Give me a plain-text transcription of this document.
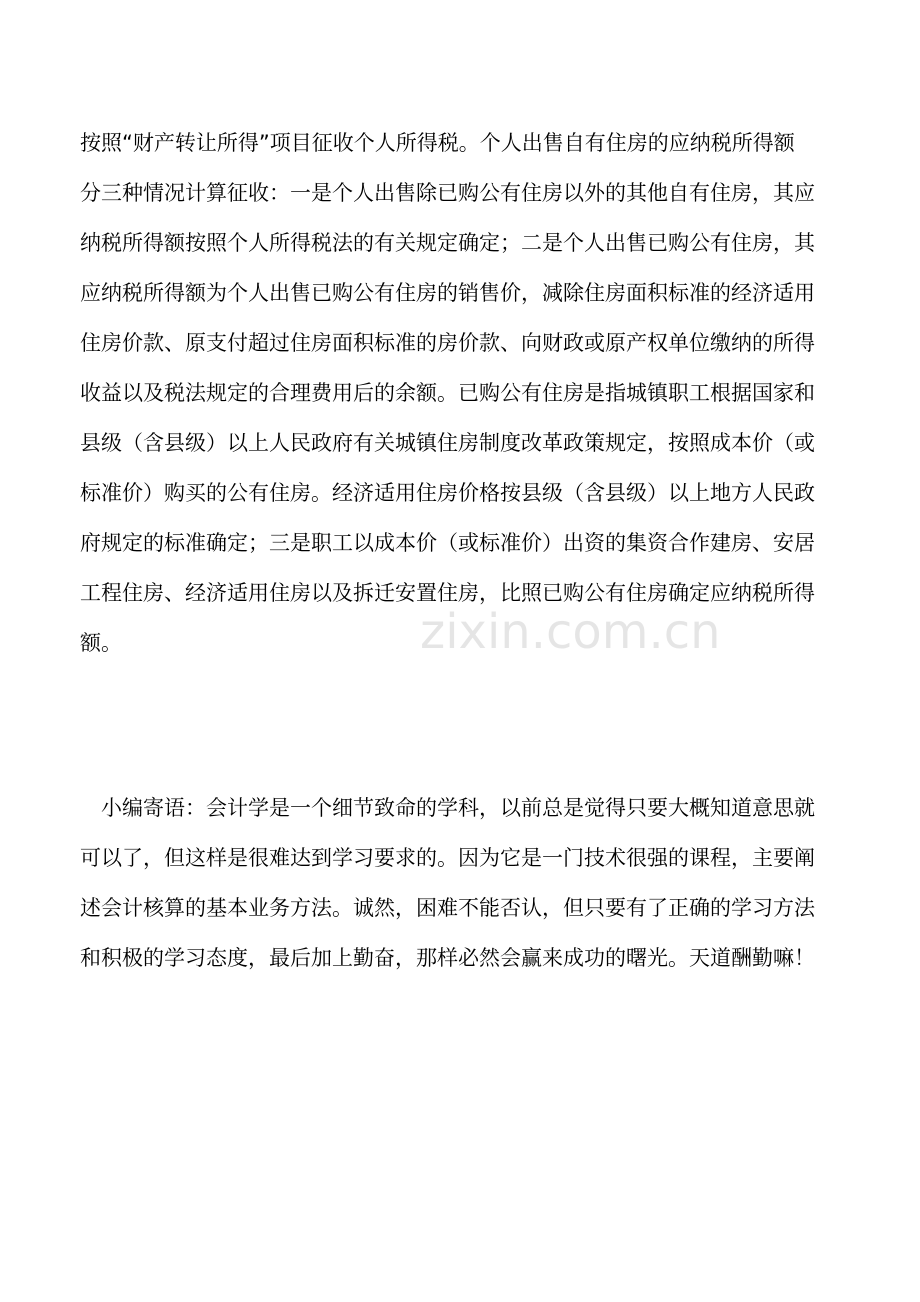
按照“财产转让所得”项目征收个人所得税。个人出售自有住房的应纳税所得额
分三种情况计算征收：一是个人出售除已购公有住房以外的其他自有住房，其应
纳税所得额按照个人所得税法的有关规定确定；二是个人出售已购公有住房，其
应纳税所得额为个人出售已购公有住房的销售价，减除住房面积标准的经济适用
住房价款、原支付超过住房面积标准的房价款、向财政或原产权单位缴纳的所得
收益以及税法规定的合理费用后的余额。已购公有住房是指城镇职工根据国家和
县级（含县级）以上人民政府有关城镇住房制度改革政策规定，按照成本价（或
标准价）购买的公有住房。经济适用住房价格按县级（含县级）以上地方人民政
府规定的标准确定；三是职工以成本价（或标准价）出资的集资合作建房、安居
工程住房、经济适用住房以及拆迁安置住房，比照已购公有住房确定应纳税所得
额。
小编寄语：会计学是一个细节致命的学科，以前总是觉得只要大概知道意思就
可以了，但这样是很难达到学习要求的。因为它是一门技术很强的课程，主要阐
述会计核算的基本业务方法。诚然，困难不能否认，但只要有了正确的学习方法
和积极的学习态度，最后加上勤奋，那样必然会赢来成功的曙光。天道酬勤嘛！
zixin.com.cn
